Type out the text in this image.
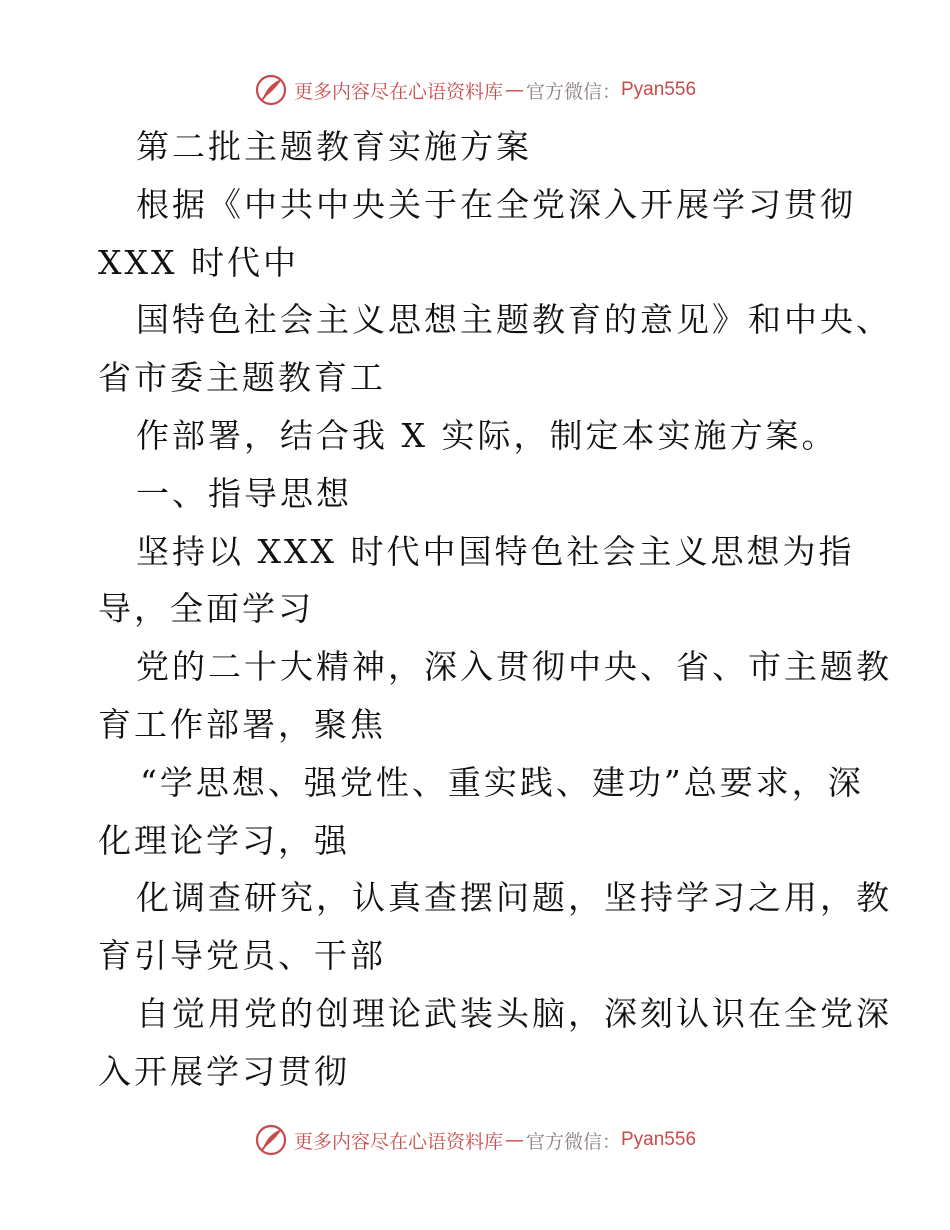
更多内容尽在心语资料库 — 官方微信： Pyan556
第二批主题教育实施方案
根据《中共中央关于在全党深入开展学习贯彻
XXX 时代中
国特色社会主义思想主题教育的意见》和中央、
省市委主题教育工
作部署，结合我 X 实际，制定本实施方案。
一、指导思想
坚持以 XXX 时代中国特色社会主义思想为指
导，全面学习
党的二十大精神，深入贯彻中央、省、市主题教
育工作部署，聚焦
“学思想、强党性、重实践、建功”总要求，深
化理论学习，强
化调查研究，认真查摆问题，坚持学习之用，教
育引导党员、干部
自觉用党的创理论武装头脑，深刻认识在全党深
入开展学习贯彻
更多内容尽在心语资料库 — 官方微信： Pyan556
